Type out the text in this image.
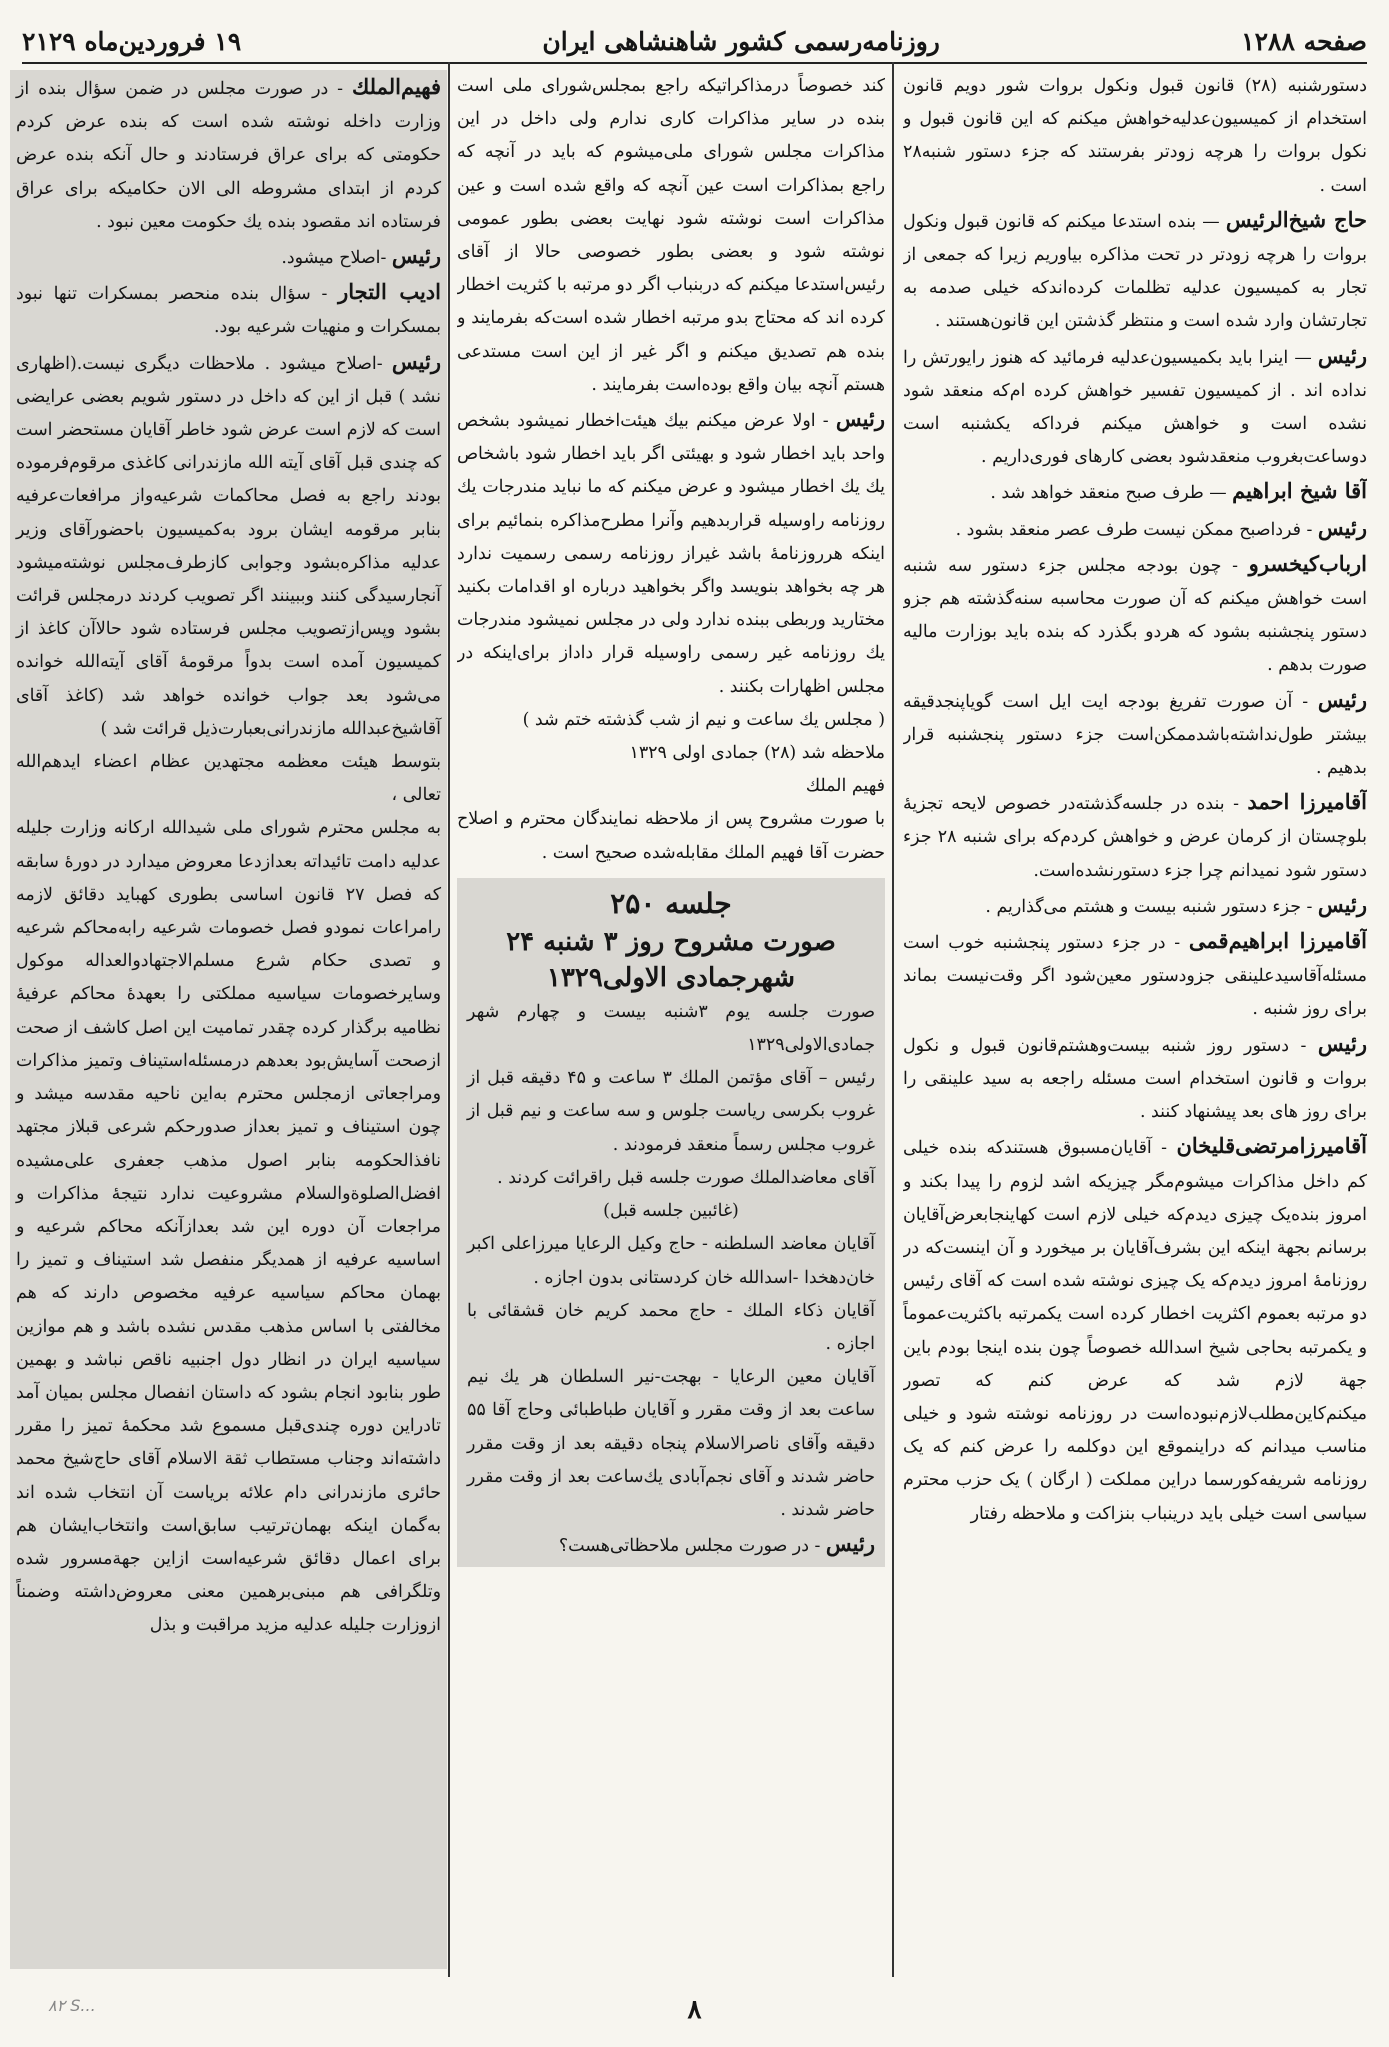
صفحه ۱۲۸۸
روزنامه‌رسمی کشور شاهنشاهی ایران
۱۹ فروردین‌ماه ۲۱۲۹

دستورشنبه (۲۸) قانون قبول ونکول بروات شور دویم قانون استخدام از کمیسیون‌عدلیه‌خواهش میکنم که این قانون قبول و نکول بروات را هرچه زودتر بفرستند که جزء دستور شنبه۲۸ است .

حاج شیخ‌الرئیس — بنده استدعا میکنم که قانون قبول ونکول بروات را هرچه زودتر در تحت مذاکره بیاوریم زیرا که جمعی از تجار به کمیسیون عدلیه تظلمات کرده‌اندکه خیلی صدمه به تجارتشان وارد شده است و منتظر گذشتن این قانون‌هستند .

رئیس — اینرا باید بکمیسیون‌عدلیه فرمائید که هنوز رایورتش را نداده اند . از کمیسیون تفسیر خواهش کرده ام‌که منعقد شود نشده است و خواهش میکنم فرداکه یکشنبه است دوساعت‌بغروب منعقدشود بعضی کارهای فوری‌داریم .

آقا شیخ ابراهیم — طرف صبح منعقد خواهد شد .

رئیس - فرداصبح ممکن نیست طرف عصر منعقد بشود .

ارباب‌کیخسرو - چون بودجه مجلس جزء دستور سه شنبه است خواهش میکنم که آن صورت محاسبه سنه‌گذشته هم جزو دستور پنجشنبه بشود که هردو بگذرد که بنده باید بوزارت مالیه صورت بدهم .

رئیس - آن صورت تفریغ بودجه ایت ایل است گویاپنجدقیقه بیشتر طول‌نداشته‌باشدممکن‌است جزء دستور پنجشنبه قرار بدهیم .

آقامیرزا احمد - بنده در جلسه‌گذشته‌در خصوص لایحه تجزیهٔ بلوچستان از کرمان عرض و خواهش کردم‌که برای شنبه ۲۸ جزء دستور شود نمیدانم چرا جزء دستورنشده‌است.

رئیس - جزء دستور شنبه بیست و هشتم می‌گذاریم .

آقامیرزا ابراهیم‌قمی - در جزء دستور پنجشنبه خوب است مسئله‌آقاسیدعلینقی جزودستور معین‌شود اگر وقت‌نیست بماند برای روز شنبه .

رئیس - دستور روز شنبه بیست‌وهشتم‌قانون قبول و نکول بروات و قانون استخدام است مسئله راجعه به سید علینقی را برای روز های بعد پیشنهاد کنند .

آقامیرزامرتضی‌قلیخان - آقایان‌مسبوق هستندکه بنده خیلی کم داخل مذاکرات میشوم‌مگر چیزیکه اشد لزوم را پیدا بکند و امروز بنده‌یک چیزی دیدم‌که خیلی لازم است کهاینجابعرض‌آقایان برسانم بجهة اینکه این بشرف‌آقایان بر میخورد و آن اینست‌که در روزنامهٔ امروز دیدم‌که یک چیزی نوشته شده است که آقای رئیس دو مرتبه بعموم اکثریت اخطار کرده است یکمرتبه باکثریت‌عموماً و یکمرتبه بحاجی شیخ اسدالله خصوصاً چون بنده اینجا بودم باین جهة لازم شد که عرض کنم که تصور میکنم‌کاین‌مطلب‌لازم‌نبوده‌است در روزنامه نوشته شود و خیلی مناسب میدانم که دراینموقع این دوکلمه را عرض کنم که یک روزنامه شریفه‌کورسما دراین مملکت ( ارگان ) یک حزب محترم سیاسی است خیلی باید درینباب بنزاکت و ملاحظه رفتار

کند خصوصاً درمذاکراتیکه راجع بمجلس‌شورای ملی است بنده در سایر مذاکرات کاری ندارم ولی داخل در این مذاکرات مجلس شورای ملی‌میشوم که باید در آنچه که راجع بمذاکرات است عین آنچه که واقع شده است و عین مذاکرات است نوشته شود نهایت بعضی بطور عمومی نوشته شود و بعضی بطور خصوصی حالا از آقای رئیس‌استدعا میکنم که دربنباب اگر دو مرتبه با کثریت اخطار کرده اند که محتاج بدو مرتبه اخطار شده است‌که بفرمایند و بنده هم تصدیق میکنم و اگر غیر از این است مستدعی هستم آنچه بیان واقع بوده‌است بفرمایند .

رئیس - اولا عرض میکنم بیك هیئت‌اخطار نمیشود بشخص واحد باید اخطار شود و بهیئتی اگر باید اخطار شود باشخاص یك یك اخطار میشود و عرض میکنم که ما نباید مندرجات یك روزنامه راوسیله قراربدهیم وآنرا مطرح‌مذاکره بنمائیم برای اینکه هرروزنامهٔ باشد غیراز روزنامه رسمی رسمیت ندارد هر چه بخواهد بنویسد واگر بخواهید درباره او اقدامات بکنید مختارید وربطی ببنده ندارد ولی در مجلس نمیشود مندرجات یك روزنامه غیر رسمی راوسیله قرار داداز برای‌اینکه در مجلس اظهارات بکنند .

( مجلس یك ساعت و نیم از شب گذشته ختم شد )

ملاحظه شد (۲۸) جمادی اولی ۱۳۲۹

فهیم الملك

با صورت مشروح پس از ملاحظه نمایندگان محترم و اصلاح حضرت آقا فهیم الملك مقابله‌شده صحیح است .

جلسه ۲۵۰

صورت مشروح روز ۳ شنبه ۲۴ شهرجمادی الاولی۱۳۲۹

صورت جلسه یوم ۳شنبه بیست و چهارم شهر جمادی‌الاولی۱۳۲۹

رئیس – آقای مؤتمن الملك ۳ ساعت و ۴۵ دقیقه قبل از غروب بکرسی ریاست جلوس و سه ساعت و نیم قبل از غروب مجلس رسماً منعقد فرمودند .

آقای معاضدالملك صورت جلسه قبل راقرائت کردند .

(غائبین جلسه قبل)

آقایان معاضد السلطنه - حاج وکیل الرعایا میرزاعلی اکبر خان‌دهخدا -اسدالله خان کردستانی بدون اجازه .

آقایان ذکاء الملك - حاج محمد کریم خان قشقائی با اجازه .

آقایان معین الرعایا - بهجت-نیر السلطان هر یك نیم ساعت بعد از وقت مقرر و آقایان طباطبائی وحاج آقا ۵۵ دقیقه وآقای ناصرالاسلام پنجاه دقیقه بعد از وقت مقرر حاضر شدند و آقای نجم‌آبادی یك‌ساعت بعد از وقت مقرر حاضر شدند .

رئیس - در صورت مجلس ملاحظاتی‌هست؟

فهیم‌الملك - در صورت مجلس در ضمن سؤال بنده از وزارت داخله نوشته شده است که بنده عرض کردم حکومتی که برای عراق فرستادند و حال آنکه بنده عرض کردم از ابتدای مشروطه الی الان حکامیکه برای عراق فرستاده اند مقصود بنده یك حکومت معین نبود .

رئیس -اصلاح میشود.

ادیب التجار - سؤال بنده منحصر بمسکرات تنها نبود بمسکرات و منهیات شرعیه بود.

رئیس -اصلاح میشود . ملاحظات دیگری نیست.(اظهاری نشد ) قبل از این که داخل در دستور شویم بعضی عرایضی است که لازم است عرض شود خاطر آقایان مستحضر است که چندی قبل آقای آیته الله مازندرانی کاغذی مرقوم‌فرموده بودند راجع به فصل محاکمات شرعیه‌واز مرافعات‌عرفیه بنابر مرقومه ایشان برود به‌کمیسیون باحضورآقای وزیر عدلیه مذاکره‌بشود وجوابی کازطرف‌مجلس نوشته‌میشود آنجارسیدگی کنند وببینند اگر تصویب کردند درمجلس قرائت بشود وپس‌ازتصویب مجلس فرستاده شود حالاآن کاغذ از کمیسیون آمده است بدواً مرقومهٔ آقای آیته‌الله خوانده می‌شود بعد جواب خوانده خواهد شد (کاغذ آقای آقاشیخ‌عبدالله مازندرانی‌بعبارت‌ذیل قرائت شد )

بتوسط هیئت معظمه مجتهدین عظام اعضاء ایدهم‌الله تعالی ،

به مجلس محترم شورای ملی شیدالله ارکانه وزارت جلیله عدلیه دامت تائیداته بعدازدعا معروض میدارد در دورهٔ سابقه که فصل ۲۷ قانون اساسی بطوری کهباید دقائق لازمه رامراعات نمودو فصل خصومات شرعیه رابه‌محاکم شرعیه و تصدی حکام شرع مسلم‌الاجتهادوالعداله موکول وسایرخصومات سیاسیه مملکتی را بعهدهٔ محاکم عرفیهٔ نظامیه برگذار کرده چقدر تمامیت این اصل کاشف از صحت ازصحت آسایش‌بود بعدهم درمسئله‌استیناف وتمیز مذاکرات ومراجعاتی ازمجلس محترم به‌این ناحیه مقدسه میشد و چون استیناف و تمیز بعداز صدورحکم شرعی قبلاز مجتهد نافذالحکومه بنابر اصول مذهب جعفری علی‌مشیده افضل‌الصلوةوالسلام مشروعیت ندارد نتیجهٔ مذاکرات و مراجعات آن دوره این شد بعدازآنکه محاکم شرعیه و اساسیه عرفیه از همدیگر منفصل شد استیناف و تمیز را بهمان محاکم سیاسیه عرفیه مخصوص دارند که هم مخالفتی با اساس مذهب مقدس نشده باشد و هم موازین سیاسیه ایران در انظار دول اجنبیه ناقص نباشد و بهمین طور بنابود انجام بشود که داستان انفصال مجلس بمیان آمد تادراین دوره چندی‌قبل مسموع شد محکمهٔ تمیز را مقرر داشته‌اند وجناب مستطاب ثقة الاسلام آقای حاج‌شیخ محمد حائری مازندرانی دام علائه بریاست آن انتخاب شده اند به‌گمان اینکه بهمان‌ترتیب سابق‌است وانتخاب‌ایشان هم برای اعمال دقائق شرعیه‌است ازاین جهة‌مسرور شده وتلگرافی هم مبنی‌برهمین معنی معروض‌داشته وضمناً ازوزارت جلیله عدلیه مزید مراقبت و بذل

۸
٨٢ S...
